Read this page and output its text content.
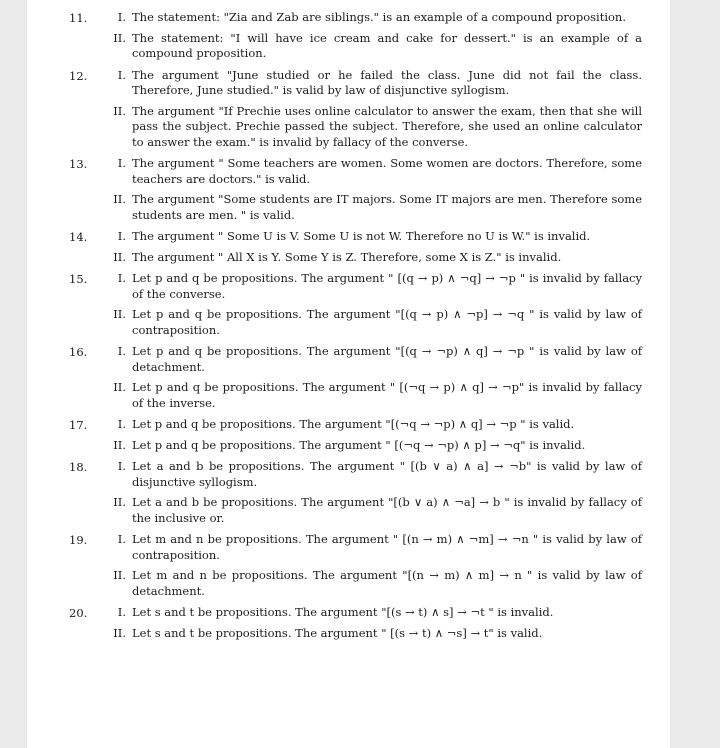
11.	I. The statement: "Zia and Zab are siblings." is an example of a compound proposition.
II. The statement: "I will have ice cream and cake for dessert." is an example of a compound proposition.
12.	I. The argument "June studied or he failed the class. June did not fail the class. Therefore, June studied." is valid by law of disjunctive syllogism.
II. The argument "If Prechie uses online calculator to answer the exam, then that she will pass the subject. Prechie passed the subject. Therefore, she used an online calculator to answer the exam." is invalid by fallacy of the converse.
13.	I. The argument " Some teachers are women. Some women are doctors. Therefore, some teachers are doctors." is valid.
II. The argument "Some students are IT majors. Some IT majors are men. Therefore some students are men. " is valid.
14.	I. The argument " Some U is V. Some U is not W. Therefore no U is W." is invalid.
II. The argument " All X is Y. Some Y is Z. Therefore, some X is Z." is invalid.
15.	I. Let p and q be propositions. The argument " [(q → p) ∧ ¬q] → ¬p " is invalid by fallacy of the converse.
II. Let p and q be propositions. The argument "[(q → p) ∧ ¬p] → ¬q " is valid by law of contraposition.
16.	I. Let p and q be propositions. The argument "[(q → ¬p) ∧ q] → ¬p " is valid by law of detachment.
II. Let p and q be propositions. The argument " [(¬q → p) ∧ q] → ¬p" is invalid by fallacy of the inverse.
17.	I. Let p and q be propositions. The argument "[(¬q → ¬p) ∧ q] → ¬p " is valid.
II. Let p and q be propositions. The argument " [(¬q → ¬p) ∧ p] → ¬q" is invalid.
18.	I. Let a and b be propositions. The argument " [(b ∨ a) ∧ a] → ¬b" is valid by law of disjunctive syllogism.
II. Let a and b be propositions. The argument "[(b ∨ a) ∧ ¬a] → b " is invalid by fallacy of the inclusive or.
19.	I. Let m and n be propositions. The argument " [(n → m) ∧ ¬m] → ¬n " is valid by law of contraposition.
II. Let m and n be propositions. The argument "[(n → m) ∧ m] → n " is valid by law of detachment.
20.	I. Let s and t be propositions. The argument "[(s → t) ∧ s] → ¬t " is invalid.
II. Let s and t be propositions. The argument " [(s → t) ∧ ¬s] → t" is valid.
